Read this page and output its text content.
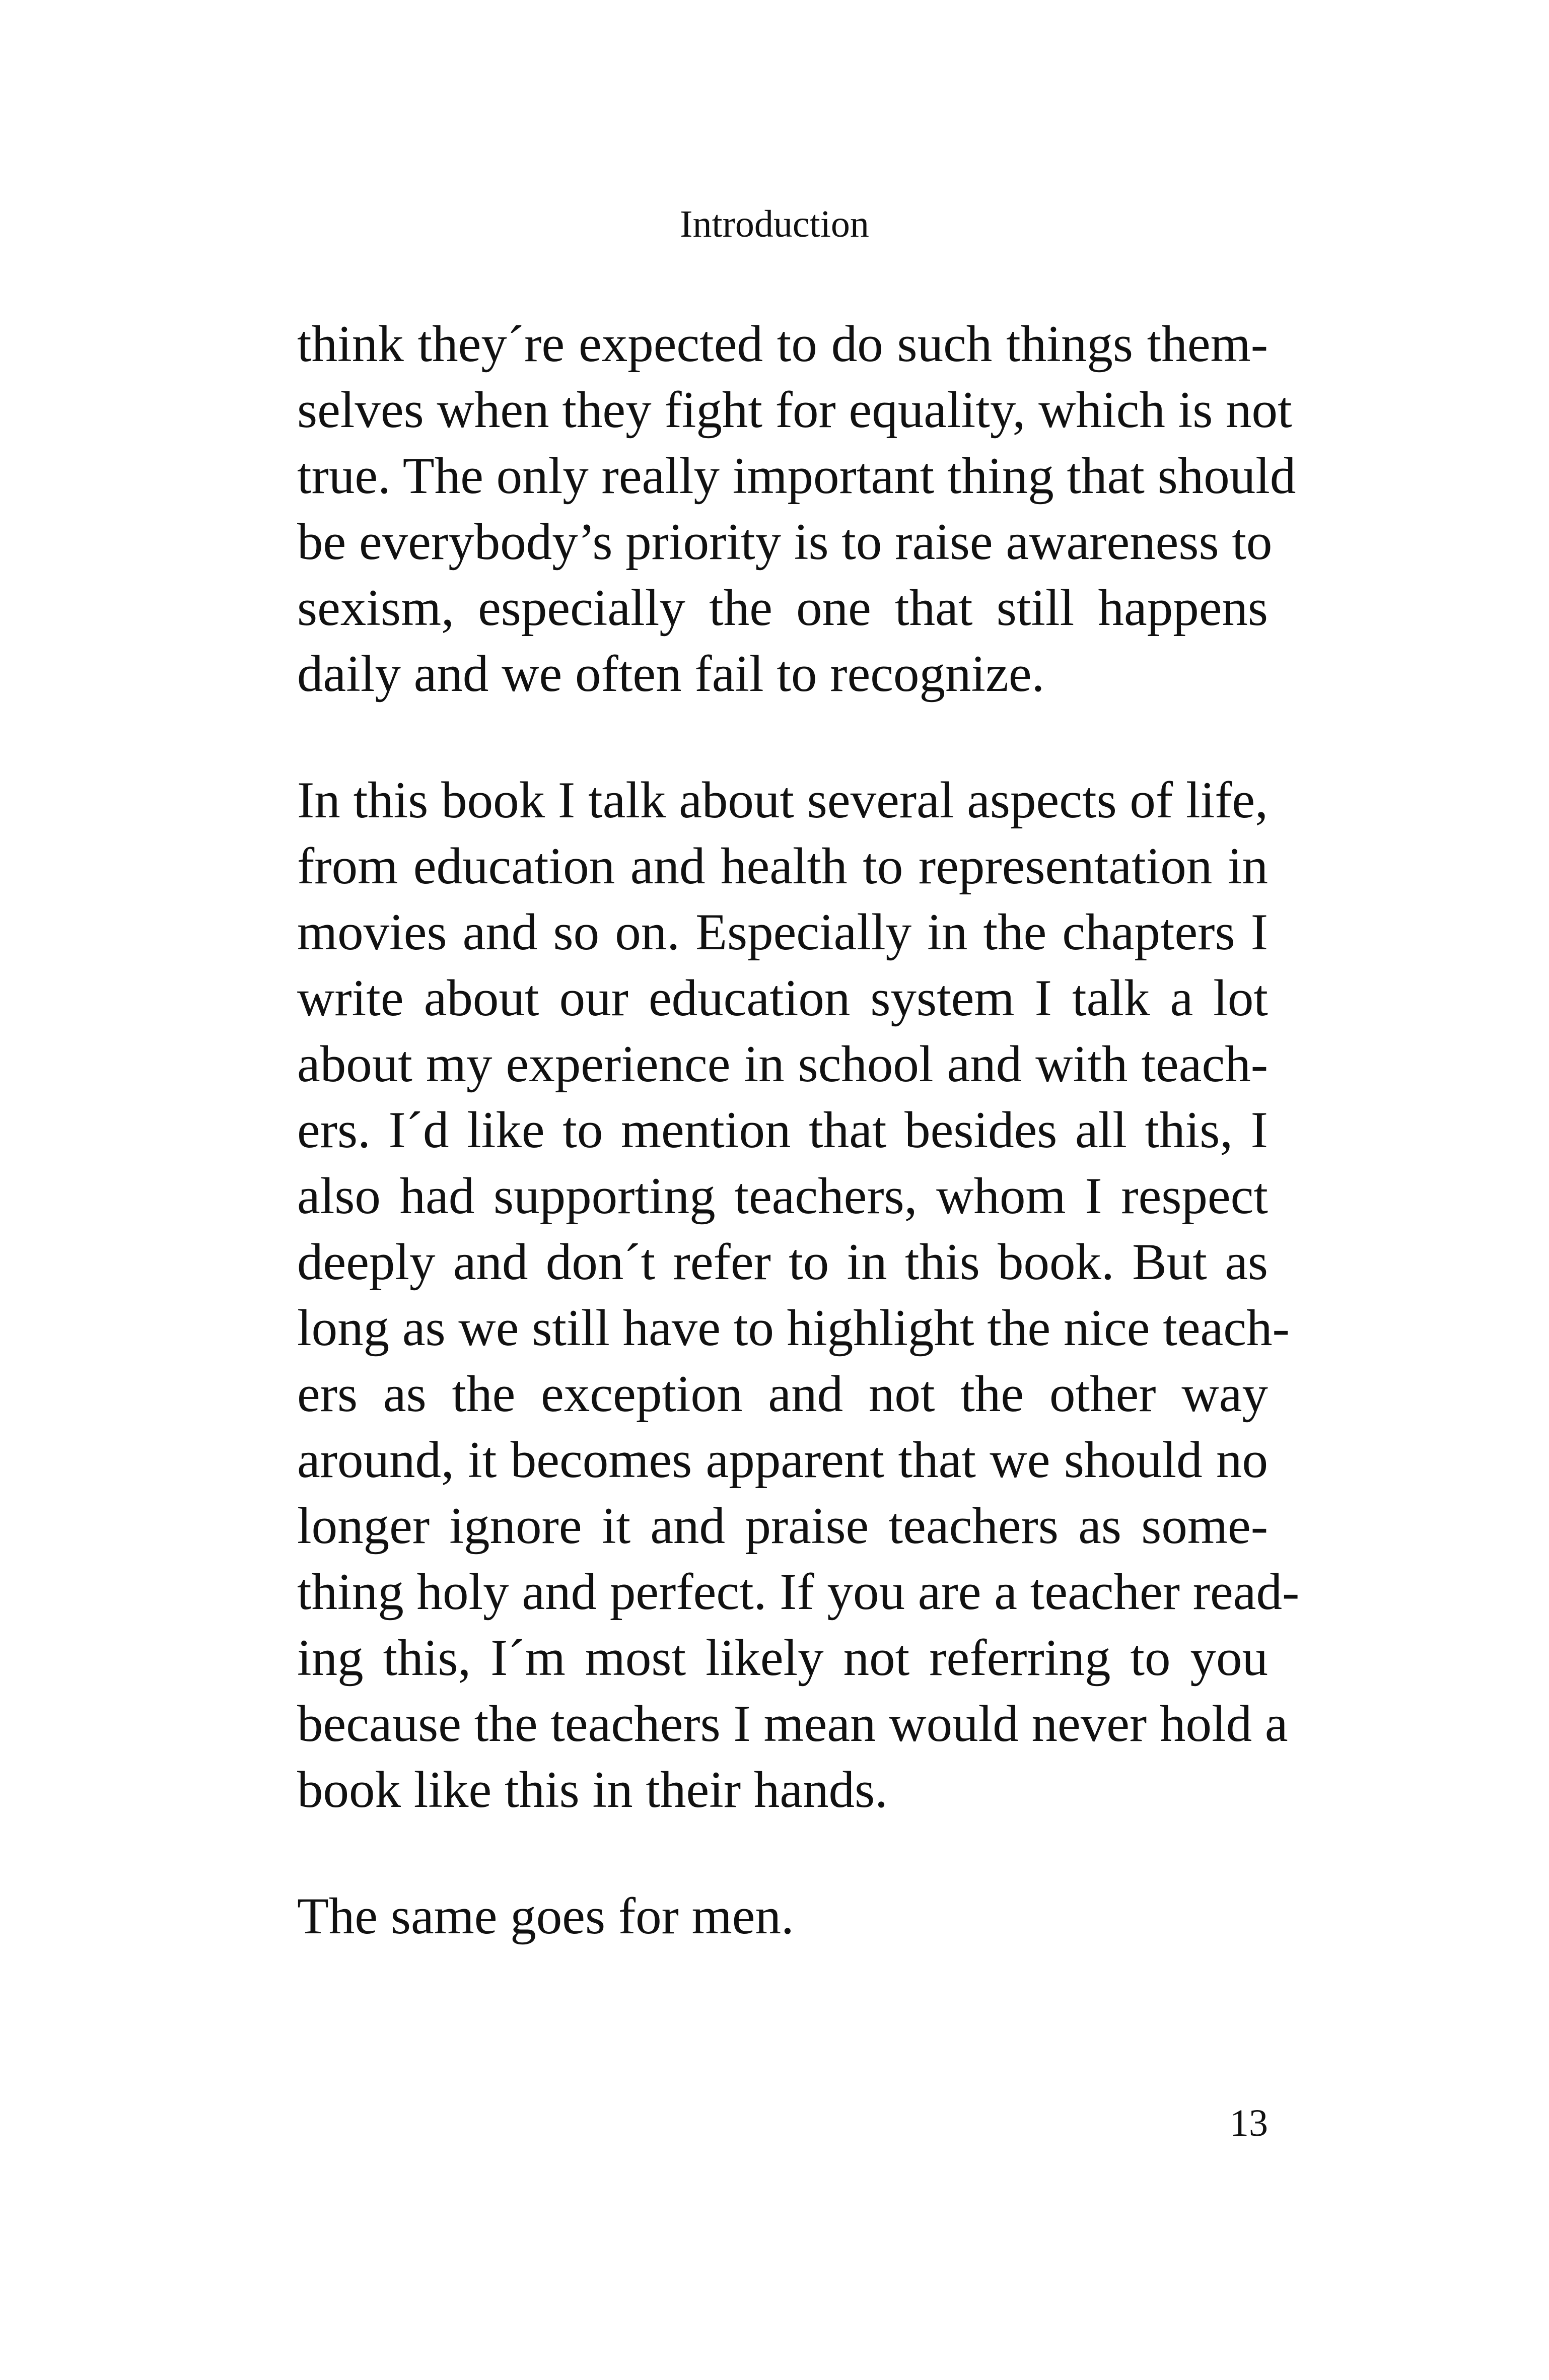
Introduction
think they´re expected to do such things them-
selves when they fight for equality, which is not
true. The only really important thing that should
be everybody’s priority is to raise awareness to
sexism, especially the one that still happens
daily and we often fail to recognize.
In this book I talk about several aspects of life,
from education and health to representation in
movies and so on. Especially in the chapters I
write about our education system I talk a lot
about my experience in school and with teach-
ers. I´d like to mention that besides all this, I
also had supporting teachers, whom I respect
deeply and don´t refer to in this book. But as
long as we still have to highlight the nice teach-
ers as the exception and not the other way
around, it becomes apparent that we should no
longer ignore it and praise teachers as some-
thing holy and perfect. If you are a teacher read-
ing this, I´m most likely not referring to you
because the teachers I mean would never hold a
book like this in their hands.
The same goes for men.
13
